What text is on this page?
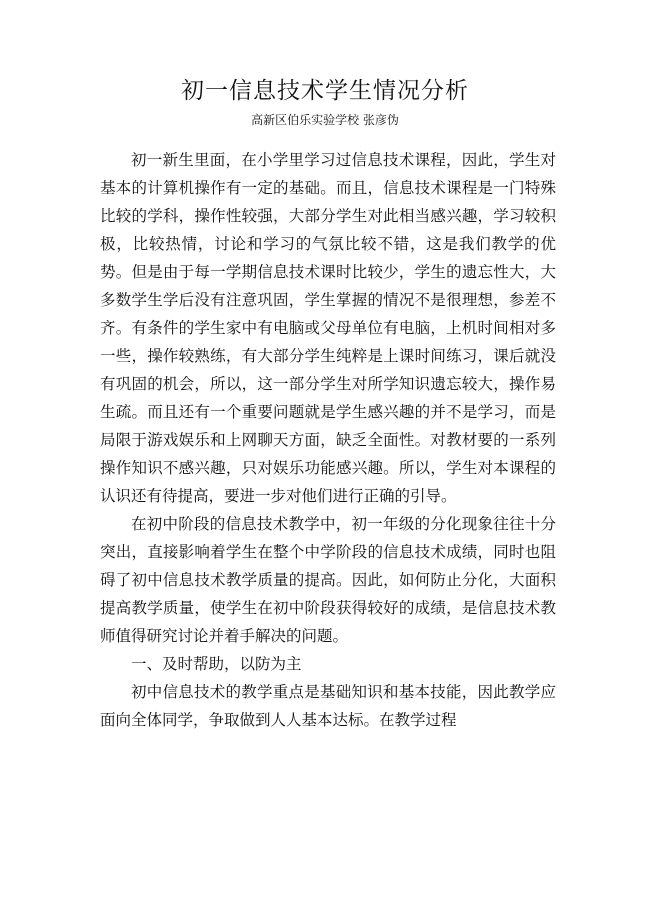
初一信息技术学生情况分析
高新区伯乐实验学校 张彦伪

初一新生里面，在小学里学习过信息技术课程，因此，学生对基本的计算机操作有一定的基础。而且，信息技术课程是一门特殊比较的学科，操作性较强，大部分学生对此相当感兴趣，学习较积极，比较热情，讨论和学习的气氛比较不错，这是我们教学的优势。但是由于每一学期信息技术课时比较少，学生的遗忘性大，大多数学生学后没有注意巩固，学生掌握的情况不是很理想，参差不齐。有条件的学生家中有电脑或父母单位有电脑，上机时间相对多一些，操作较熟练，有大部分学生纯粹是上课时间练习，课后就没有巩固的机会，所以，这一部分学生对所学知识遗忘较大，操作易生疏。而且还有一个重要问题就是学生感兴趣的并不是学习，而是局限于游戏娱乐和上网聊天方面，缺乏全面性。对教材要的一系列操作知识不感兴趣，只对娱乐功能感兴趣。所以，学生对本课程的认识还有待提高，要进一步对他们进行正确的引导。

在初中阶段的信息技术教学中，初一年级的分化现象往往十分突出，直接影响着学生在整个中学阶段的信息技术成绩，同时也阻碍了初中信息技术教学质量的提高。因此，如何防止分化，大面积提高教学质量，使学生在初中阶段获得较好的成绩，是信息技术教师值得研究讨论并着手解决的问题。

一、及时帮助，以防为主

初中信息技术的教学重点是基础知识和基本技能，因此教学应面向全体同学，争取做到人人基本达标。在教学过程
